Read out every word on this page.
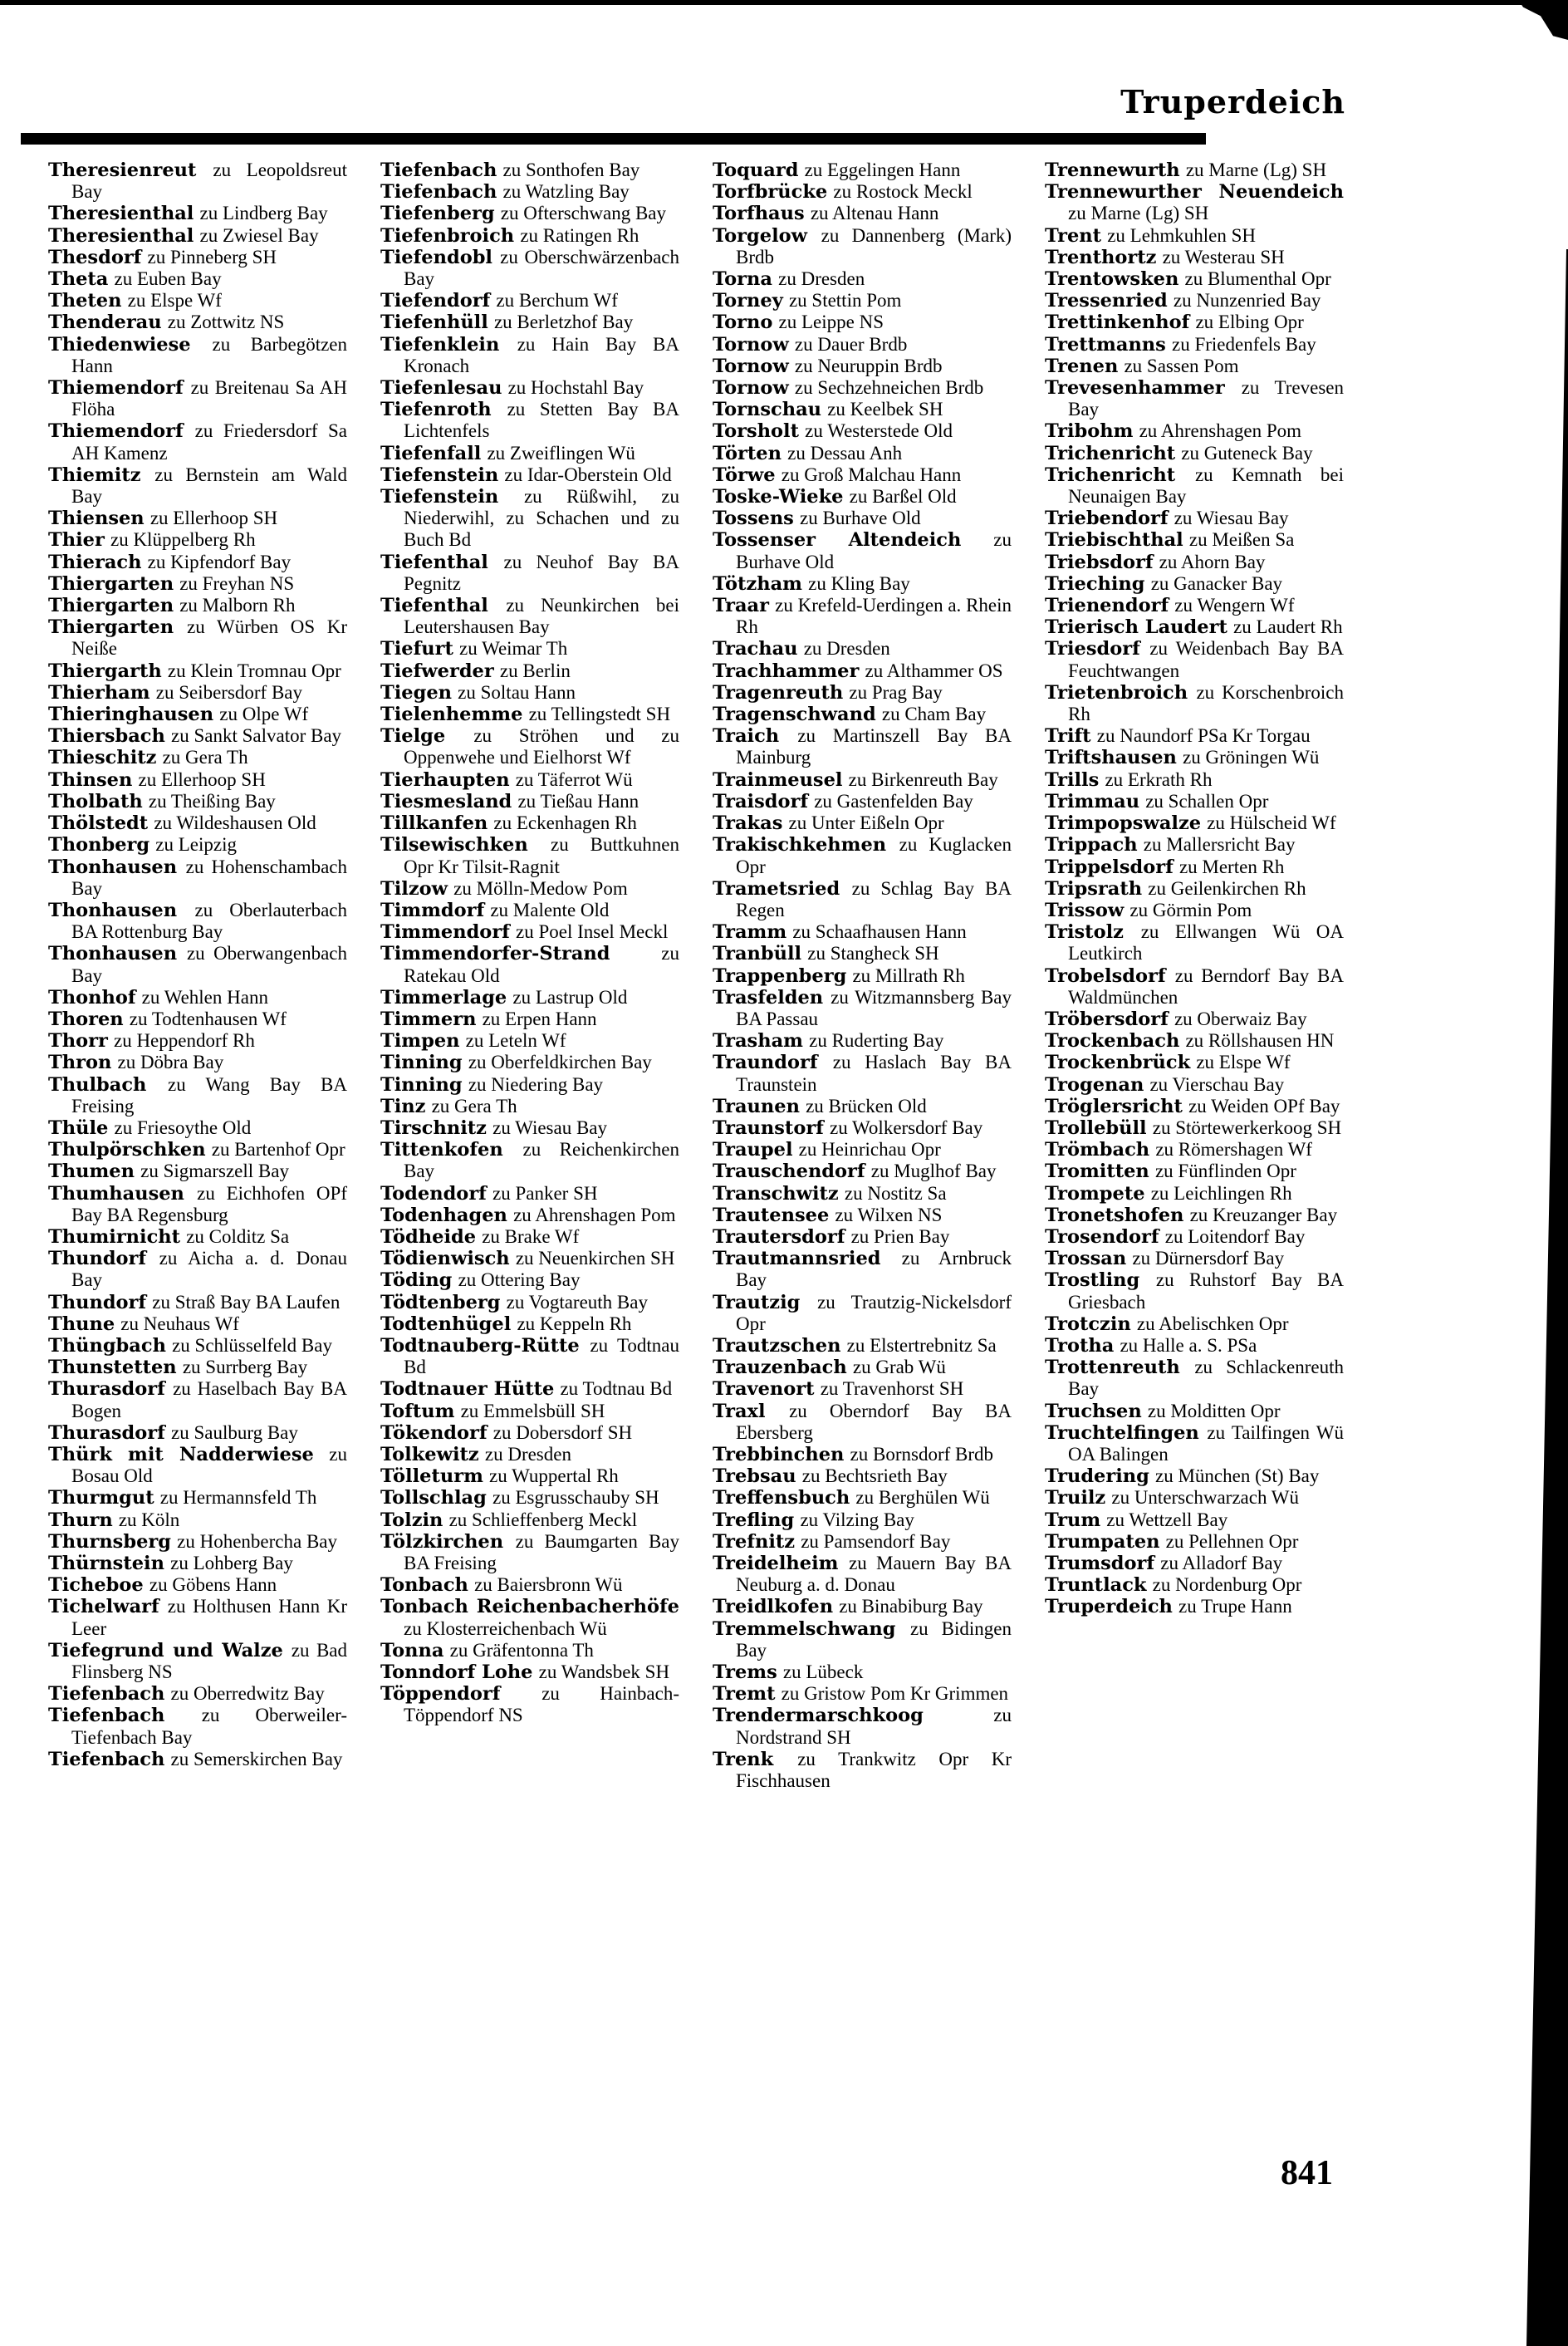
Truperdeich

Theresienreut zu Leopoldsreut Bay

Theresienthal zu Lindberg Bay

Theresienthal zu Zwiesel Bay

Thesdorf zu Pinneberg SH

Theta zu Euben Bay

Theten zu Elspe Wf

Thenderau zu Zottwitz NS

Thiedenwiese zu Barbegötzen Hann

Thiemendorf zu Breitenau Sa AH Flöha

Thiemendorf zu Friedersdorf Sa AH Kamenz

Thiemitz zu Bernstein am Wald Bay

Thiensen zu Ellerhoop SH

Thier zu Klüppelberg Rh

Thierach zu Kipfendorf Bay

Thiergarten zu Freyhan NS

Thiergarten zu Malborn Rh

Thiergarten zu Würben OS Kr Neiße

Thiergarth zu Klein Tromnau Opr

Thierham zu Seibersdorf Bay

Thieringhausen zu Olpe Wf

Thiersbach zu Sankt Salvator Bay

Thieschitz zu Gera Th

Thinsen zu Ellerhoop SH

Tholbath zu Theißing Bay

Thölstedt zu Wildeshausen Old

Thonberg zu Leipzig

Thonhausen zu Hohenschambach Bay

Thonhausen zu Oberlauterbach BA Rottenburg Bay

Thonhausen zu Oberwangenbach Bay

Thonhof zu Wehlen Hann

Thoren zu Todtenhausen Wf

Thorr zu Heppendorf Rh

Thron zu Döbra Bay

Thulbach zu Wang Bay BA Freising

Thüle zu Friesoythe Old

Thulpörschken zu Bartenhof Opr

Thumen zu Sigmarszell Bay

Thumhausen zu Eichhofen OPf Bay BA Regensburg

Thumirnicht zu Colditz Sa

Thundorf zu Aicha a. d. Donau Bay

Thundorf zu Straß Bay BA Laufen

Thune zu Neuhaus Wf

Thüngbach zu Schlüsselfeld Bay

Thunstetten zu Surrberg Bay

Thurasdorf zu Haselbach Bay BA Bogen

Thurasdorf zu Saulburg Bay

Thürk mit Nadderwiese zu Bosau Old

Thurmgut zu Hermannsfeld Th

Thurn zu Köln

Thurnsberg zu Hohenbercha Bay

Thürnstein zu Lohberg Bay

Ticheboe zu Göbens Hann

Tichelwarf zu Holthusen Hann Kr Leer

Tiefegrund und Walze zu Bad Flinsberg NS

Tiefenbach zu Oberredwitz Bay

Tiefenbach zu Oberweiler-Tiefenbach Bay

Tiefenbach zu Semerskirchen Bay

Tiefenbach zu Sonthofen Bay

Tiefenbach zu Watzling Bay

Tiefenberg zu Ofterschwang Bay

Tiefenbroich zu Ratingen Rh

Tiefendobl zu Oberschwärzenbach Bay

Tiefendorf zu Berchum Wf

Tiefenhüll zu Berletzhof Bay

Tiefenklein zu Hain Bay BA Kronach

Tiefenlesau zu Hochstahl Bay

Tiefenroth zu Stetten Bay BA Lichtenfels

Tiefenfall zu Zweiflingen Wü

Tiefenstein zu Idar-Oberstein Old

Tiefenstein zu Rüßwihl, zu Niederwihl, zu Schachen und zu Buch Bd

Tiefenthal zu Neuhof Bay BA Pegnitz

Tiefenthal zu Neunkirchen bei Leutershausen Bay

Tiefurt zu Weimar Th

Tiefwerder zu Berlin

Tiegen zu Soltau Hann

Tielenhemme zu Tellingstedt SH

Tielge zu Ströhen und zu Oppenwehe und Eielhorst Wf

Tierhaupten zu Täferrot Wü

Tiesmesland zu Tießau Hann

Tillkanfen zu Eckenhagen Rh

Tilsewischken zu Buttkuhnen Opr Kr Tilsit-Ragnit

Tilzow zu Mölln-Medow Pom

Timmdorf zu Malente Old

Timmendorf zu Poel Insel Meckl

Timmendorfer-Strand	zu Ratekau Old

Timmerlage zu Lastrup Old

Timmern zu Erpen Hann

Timpen zu Leteln Wf

Tinning zu Oberfeldkirchen Bay

Tinning zu Niedering Bay

Tinz zu Gera Th

Tirschnitz zu Wiesau Bay

Tittenkofen zu Reichenkirchen Bay

Todendorf zu Panker SH

Todenhagen zu Ahrenshagen Pom

Tödheide zu Brake Wf

Tödienwisch zu Neuenkirchen SH

Töding zu Ottering Bay

Tödtenberg zu Vogtareuth Bay

Todtenhügel zu Keppeln Rh

Todtnauberg-Rütte zu Todtnau Bd

Todtnauer Hütte zu Todtnau Bd

Toftum zu Emmelsbüll SH

Tökendorf zu Dobersdorf SH

Tolkewitz zu Dresden

Tölleturm zu Wuppertal Rh

Tollschlag zu Esgrusschauby SH

Tolzin zu Schlieffenberg Meckl

Tölzkirchen zu Baumgarten Bay BA Freising

Tonbach zu Baiersbronn Wü

Tonbach Reichenbacherhöfe zu Klosterreichenbach Wü

Tonna zu Gräfentonna Th

Tonndorf Lohe zu Wandsbek SH

Töppendorf zu Hainbach-Töppendorf NS

Toquard zu Eggelingen Hann

Torfbrücke zu Rostock Meckl

Torfhaus zu Altenau Hann

Torgelow zu Dannenberg (Mark) Brdb

Torna zu Dresden

Torney zu Stettin Pom

Torno zu Leippe NS

Tornow zu Dauer Brdb

Tornow zu Neuruppin Brdb

Tornow zu Sechzehneichen Brdb

Tornschau zu Keelbek SH

Torsholt zu Westerstede Old

Törten zu Dessau Anh

Törwe zu Groß Malchau Hann

Toske-Wieke zu Barßel Old

Tossens zu Burhave Old

Tossenser Altendeich zu Burhave Old

Tötzham zu Kling Bay

Traar zu Krefeld-Uerdingen a. Rhein Rh

Trachau zu Dresden

Trachhammer zu Althammer OS

Tragenreuth zu Prag Bay

Tragenschwand zu Cham Bay

Traich zu Martinszell Bay BA Mainburg

Trainmeusel zu Birkenreuth Bay

Traisdorf zu Gastenfelden Bay

Trakas zu Unter Eißeln Opr

Trakischkehmen zu Kuglacken Opr

Trametsried zu Schlag Bay BA Regen

Tramm zu Schaafhausen Hann

Tranbüll zu Stangheck SH

Trappenberg zu Millrath Rh

Trasfelden zu Witzmannsberg Bay BA Passau

Trasham zu Ruderting Bay

Traundorf zu Haslach Bay BA Traunstein

Traunen zu Brücken Old

Traunstorf zu Wolkersdorf Bay

Traupel zu Heinrichau Opr

Trauschendorf zu Muglhof Bay

Transchwitz zu Nostitz Sa

Trautensee zu Wilxen NS

Trautersdorf zu Prien Bay

Trautmannsried zu Arnbruck Bay

Trautzig zu Trautzig-Nickelsdorf Opr

Trautzschen zu Elstertrebnitz Sa

Trauzenbach zu Grab Wü

Travenort zu Travenhorst SH

Traxl zu Oberndorf Bay BA Ebersberg

Trebbinchen zu Bornsdorf Brdb

Trebsau zu Bechtsrieth Bay

Treffensbuch zu Berghülen Wü

Trefling zu Vilzing Bay

Trefnitz zu Pamsendorf Bay

Treidelheim zu Mauern Bay BA Neuburg a. d. Donau

Treidlkofen zu Binabiburg Bay

Tremmelschwang zu Bidingen Bay

Trems zu Lübeck

Tremt zu Gristow Pom Kr Grimmen

Trendermarschkoog	zu Nordstrand SH

Trenk zu Trankwitz Opr Kr Fischhausen

Trennewurth zu Marne (Lg) SH

Trennewurther Neuendeich zu Marne (Lg) SH

Trent zu Lehmkuhlen SH

Trenthortz zu Westerau SH

Trentowsken zu Blumenthal Opr

Tressenried zu Nunzenried Bay

Trettinkenhof zu Elbing Opr

Trettmanns zu Friedenfels Bay

Trenen zu Sassen Pom

Trevesenhammer zu Trevesen Bay

Tribohm zu Ahrenshagen Pom

Trichenricht zu Guteneck Bay

Trichenricht zu Kemnath bei Neunaigen Bay

Triebendorf zu Wiesau Bay

Triebischthal zu Meißen Sa

Triebsdorf zu Ahorn Bay

Trieching zu Ganacker Bay

Trienendorf zu Wengern Wf

Trierisch Laudert zu Laudert Rh

Triesdorf zu Weidenbach Bay BA Feuchtwangen

Trietenbroich zu Korschenbroich Rh

Trift zu Naundorf PSa Kr Torgau

Triftshausen zu Gröningen Wü

Trills zu Erkrath Rh

Trimmau zu Schallen Opr

Trimpopswalze zu Hülscheid Wf

Trippach zu Mallersricht Bay

Trippelsdorf zu Merten Rh

Tripsrath zu Geilenkirchen Rh

Trissow zu Görmin Pom

Tristolz zu Ellwangen Wü OA Leutkirch

Trobelsdorf zu Berndorf Bay BA Waldmünchen

Tröbersdorf zu Oberwaiz Bay

Trockenbach zu Röllshausen HN

Trockenbrück zu Elspe Wf

Trogenan zu Vierschau Bay

Tröglersricht zu Weiden OPf Bay

Trollebüll zu Störtewerkerkoog SH

Trömbach zu Römershagen Wf

Tromitten zu Fünflinden Opr

Trompete zu Leichlingen Rh

Tronetshofen zu Kreuzanger Bay

Trosendorf zu Loitendorf Bay

Trossan zu Dürnersdorf Bay

Trostling zu Ruhstorf Bay BA Griesbach

Trotczin zu Abelischken Opr

Trotha zu Halle a. S. PSa

Trottenreuth zu Schlackenreuth Bay

Truchsen zu Molditten Opr

Truchtelfingen zu Tailfingen Wü OA Balingen

Trudering zu München (St) Bay

Truilz zu Unterschwarzach Wü

Trum zu Wettzell Bay

Trumpaten zu Pellehnen Opr

Trumsdorf zu Alladorf Bay

Truntlack zu Nordenburg Opr

Truperdeich zu Trupe Hann

841
